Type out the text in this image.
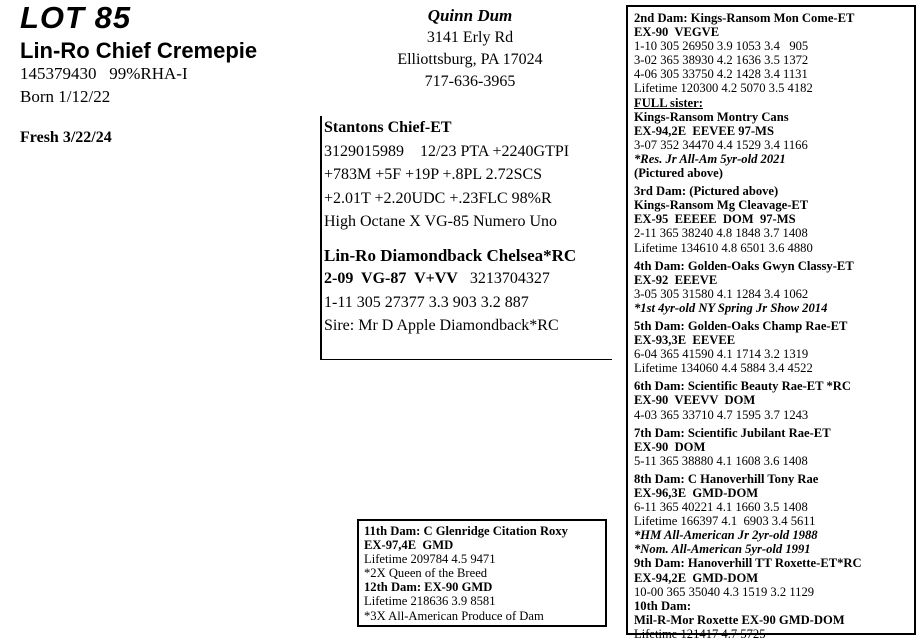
LOT 85
Lin-Ro Chief Cremepie
145379430   99%RHA-I
Born 1/12/22
Fresh 3/22/24
Quinn Dum
3141 Erly Rd
Elliottsburg, PA 17024
717-636-3965
Stantons Chief-ET
3129015989    12/23 PTA +2240GTPI
+783M +5F +19P +.8PL 2.72SCS
+2.01T +2.20UDC +.23FLC 98%R
High Octane X VG-85 Numero Uno
Lin-Ro Diamondback Chelsea*RC
2-09  VG-87  V+VV 3213704327
1-11 305 27377 3.3 903 3.2 887
Sire: Mr D Apple Diamondback*RC
2nd Dam: Kings-Ransom Mon Come-ET
EX-90  VEGVE
1-10 305 26950 3.9 1053 3.4   905
3-02 365 38930 4.2 1636 3.5 1372
4-06 305 33750 4.2 1428 3.4 1131
Lifetime 120300 4.2 5070 3.5 4182
FULL sister:
Kings-Ransom Montry Cans
EX-94,2E  EEVEE 97-MS
3-07 352 34470 4.4 1529 3.4 1166
*Res. Jr All-Am 5yr-old 2021
(Pictured above)
3rd Dam: (Pictured above)
Kings-Ransom Mg Cleavage-ET
EX-95  EEEEE  DOM  97-MS
2-11 365 38240 4.8 1848 3.7 1408
Lifetime 134610 4.8 6501 3.6 4880
4th Dam: Golden-Oaks Gwyn Classy-ET
EX-92  EEEVE
3-05 305 31580 4.1 1284 3.4 1062
*1st 4yr-old NY Spring Jr Show 2014
5th Dam: Golden-Oaks Champ Rae-ET
EX-93,3E  EEVEE
6-04 365 41590 4.1 1714 3.2 1319
Lifetime 134060 4.4 5884 3.4 4522
6th Dam: Scientific Beauty Rae-ET *RC
EX-90  VEEVV  DOM
4-03 365 33710 4.7 1595 3.7 1243
7th Dam: Scientific Jubilant Rae-ET
EX-90  DOM
5-11 365 38880 4.1 1608 3.6 1408
8th Dam: C Hanoverhill Tony Rae
EX-96,3E  GMD-DOM
6-11 365 40221 4.1 1660 3.5 1408
Lifetime 166397 4.1  6903 3.4 5611
*HM All-American Jr 2yr-old 1988
*Nom. All-American 5yr-old 1991
9th Dam: Hanoverhill TT Roxette-ET*RC
EX-94,2E  GMD-DOM
10-00 365 35040 4.3 1519 3.2 1129
10th Dam:
Mil-R-Mor Roxette EX-90 GMD-DOM
Lifetime 121417 4.7 5725
11th Dam: C Glenridge Citation Roxy
EX-97,4E  GMD
Lifetime 209784 4.5 9471
*2X Queen of the Breed
12th Dam: EX-90 GMD
Lifetime 218636 3.9 8581
*3X All-American Produce of Dam
